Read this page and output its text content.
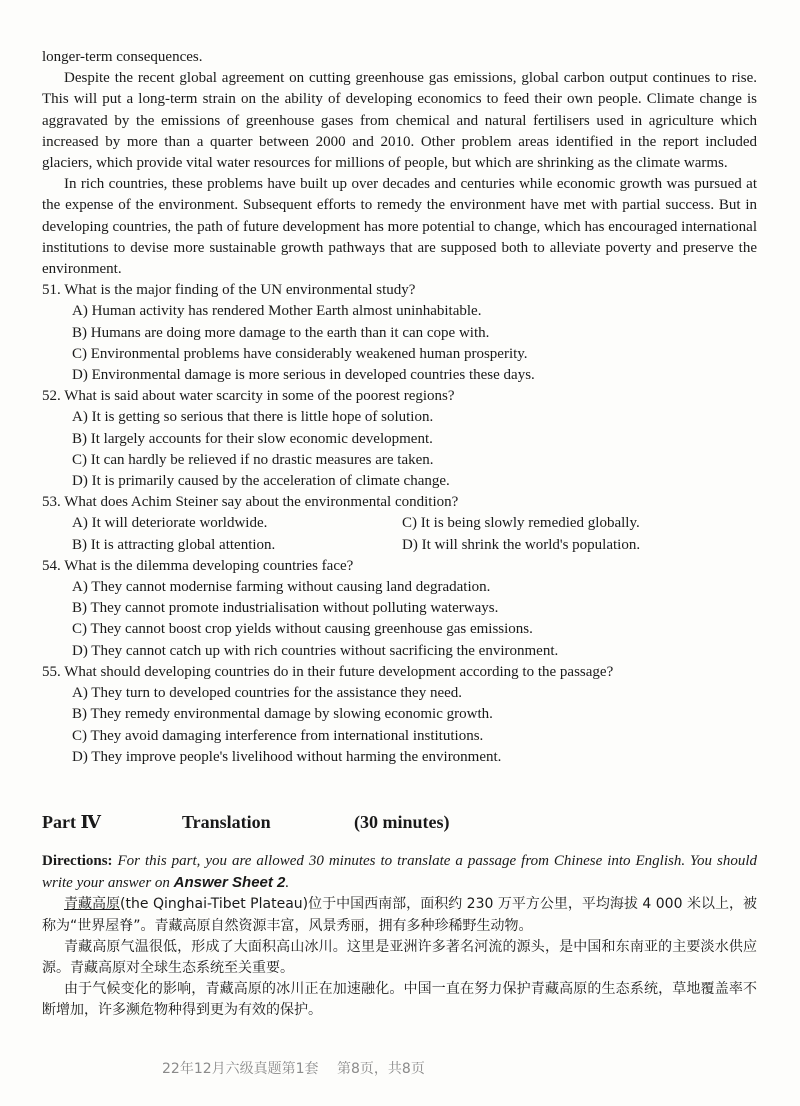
longer-term consequences.

Despite the recent global agreement on cutting greenhouse gas emissions, global carbon output continues to rise. This will put a long-term strain on the ability of developing economics to feed their own people. Climate change is aggravated by the emissions of greenhouse gases from chemical and natural fertilisers used in agriculture which increased by more than a quarter between 2000 and 2010. Other problem areas identified in the report included glaciers, which provide vital water resources for millions of people, but which are shrinking as the climate warms.

In rich countries, these problems have built up over decades and centuries while economic growth was pursued at the expense of the environment. Subsequent efforts to remedy the environment have met with partial success. But in developing countries, the path of future development has more potential to change, which has encouraged international institutions to devise more sustainable growth pathways that are supposed both to alleviate poverty and preserve the environment.

51. What is the major finding of the UN environmental study?
A) Human activity has rendered Mother Earth almost uninhabitable.
B) Humans are doing more damage to the earth than it can cope with.
C) Environmental problems have considerably weakened human prosperity.
D) Environmental damage is more serious in developed countries these days.
52. What is said about water scarcity in some of the poorest regions?
A) It is getting so serious that there is little hope of solution.
B) It largely accounts for their slow economic development.
C) It can hardly be relieved if no drastic measures are taken.
D) It is primarily caused by the acceleration of climate change.
53. What does Achim Steiner say about the environmental condition?
A) It will deteriorate worldwide.	C) It is being slowly remedied globally.
B) It is attracting global attention.	D) It will shrink the world's population.
54. What is the dilemma developing countries face?
A) They cannot modernise farming without causing land degradation.
B) They cannot promote industrialisation without polluting waterways.
C) They cannot boost crop yields without causing greenhouse gas emissions.
D) They cannot catch up with rich countries without sacrificing the environment.
55. What should developing countries do in their future development according to the passage?
A) They turn to developed countries for the assistance they need.
B) They remedy environmental damage by slowing economic growth.
C) They avoid damaging interference from international institutions.
D) They improve people's livelihood without harming the environment.
Part Ⅳ	Translation	(30 minutes)

Directions: For this part, you are allowed 30 minutes to translate a passage from Chinese into English. You should write your answer on Answer Sheet 2.

青藏高原(the Qinghai-Tibet Plateau)位于中国西南部，面积约 230 万平方公里，平均海拔 4 000 米以上，被称为“世界屋脊”。青藏高原自然资源丰富，风景秀丽，拥有多种珍稀野生动物。

青藏高原气温很低，形成了大面积高山冰川。这里是亚洲许多著名河流的源头，是中国和东南亚的主要淡水供应源。青藏高原对全球生态系统至关重要。

由于气候变化的影响，青藏高原的冰川正在加速融化。中国一直在努力保护青藏高原的生态系统，草地覆盖率不断增加，许多濒危物种得到更为有效的保护。

22年12月六级真题第1套 第8页，共8页
